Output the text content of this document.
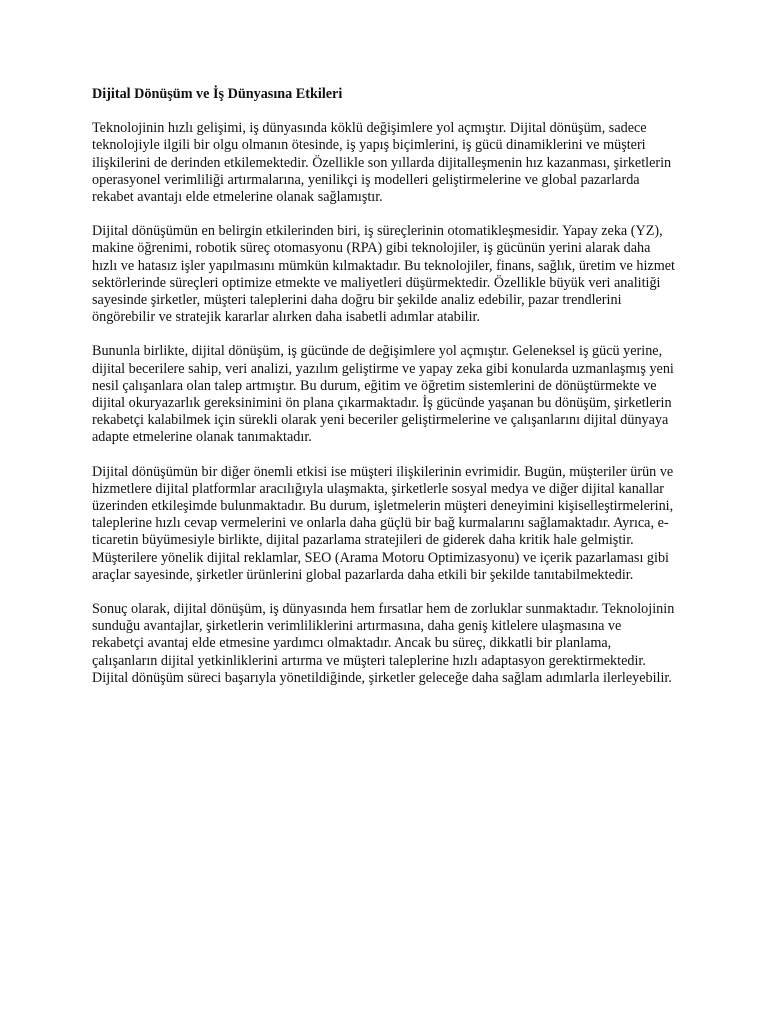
Dijital Dönüşüm ve İş Dünyasına Etkileri

Teknolojinin hızlı gelişimi, iş dünyasında köklü değişimlere yol açmıştır. Dijital dönüşüm, sadece teknolojiyle ilgili bir olgu olmanın ötesinde, iş yapış biçimlerini, iş gücü dinamiklerini ve müşteri ilişkilerini de derinden etkilemektedir. Özellikle son yıllarda dijitalleşmenin hız kazanması, şirketlerin operasyonel verimliliği artırmalarına, yenilikçi iş modelleri geliştirmelerine ve global pazarlarda rekabet avantajı elde etmelerine olanak sağlamıştır.

Dijital dönüşümün en belirgin etkilerinden biri, iş süreçlerinin otomatikleşmesidir. Yapay zeka (YZ), makine öğrenimi, robotik süreç otomasyonu (RPA) gibi teknolojiler, iş gücünün yerini alarak daha hızlı ve hatasız işler yapılmasını mümkün kılmaktadır. Bu teknolojiler, finans, sağlık, üretim ve hizmet sektörlerinde süreçleri optimize etmekte ve maliyetleri düşürmektedir. Özellikle büyük veri analitiği sayesinde şirketler, müşteri taleplerini daha doğru bir şekilde analiz edebilir, pazar trendlerini öngörebilir ve stratejik kararlar alırken daha isabetli adımlar atabilir.

Bununla birlikte, dijital dönüşüm, iş gücünde de değişimlere yol açmıştır. Geleneksel iş gücü yerine, dijital becerilere sahip, veri analizi, yazılım geliştirme ve yapay zeka gibi konularda uzmanlaşmış yeni nesil çalışanlara olan talep artmıştır. Bu durum, eğitim ve öğretim sistemlerini de dönüştürmekte ve dijital okuryazarlık gereksinimini ön plana çıkarmaktadır. İş gücünde yaşanan bu dönüşüm, şirketlerin rekabetçi kalabilmek için sürekli olarak yeni beceriler geliştirmelerine ve çalışanlarını dijital dünyaya adapte etmelerine olanak tanımaktadır.

Dijital dönüşümün bir diğer önemli etkisi ise müşteri ilişkilerinin evrimidir. Bugün, müşteriler ürün ve hizmetlere dijital platformlar aracılığıyla ulaşmakta, şirketlerle sosyal medya ve diğer dijital kanallar üzerinden etkileşimde bulunmaktadır. Bu durum, işletmelerin müşteri deneyimini kişiselleştirmelerini, taleplerine hızlı cevap vermelerini ve onlarla daha güçlü bir bağ kurmalarını sağlamaktadır. Ayrıca, e-ticaretin büyümesiyle birlikte, dijital pazarlama stratejileri de giderek daha kritik hale gelmiştir. Müşterilere yönelik dijital reklamlar, SEO (Arama Motoru Optimizasyonu) ve içerik pazarlaması gibi araçlar sayesinde, şirketler ürünlerini global pazarlarda daha etkili bir şekilde tanıtabilmektedir.

Sonuç olarak, dijital dönüşüm, iş dünyasında hem fırsatlar hem de zorluklar sunmaktadır. Teknolojinin sunduğu avantajlar, şirketlerin verimliliklerini artırmasına, daha geniş kitlelere ulaşmasına ve rekabetçi avantaj elde etmesine yardımcı olmaktadır. Ancak bu süreç, dikkatli bir planlama, çalışanların dijital yetkinliklerini artırma ve müşteri taleplerine hızlı adaptasyon gerektirmektedir. Dijital dönüşüm süreci başarıyla yönetildiğinde, şirketler geleceğe daha sağlam adımlarla ilerleyebilir.
